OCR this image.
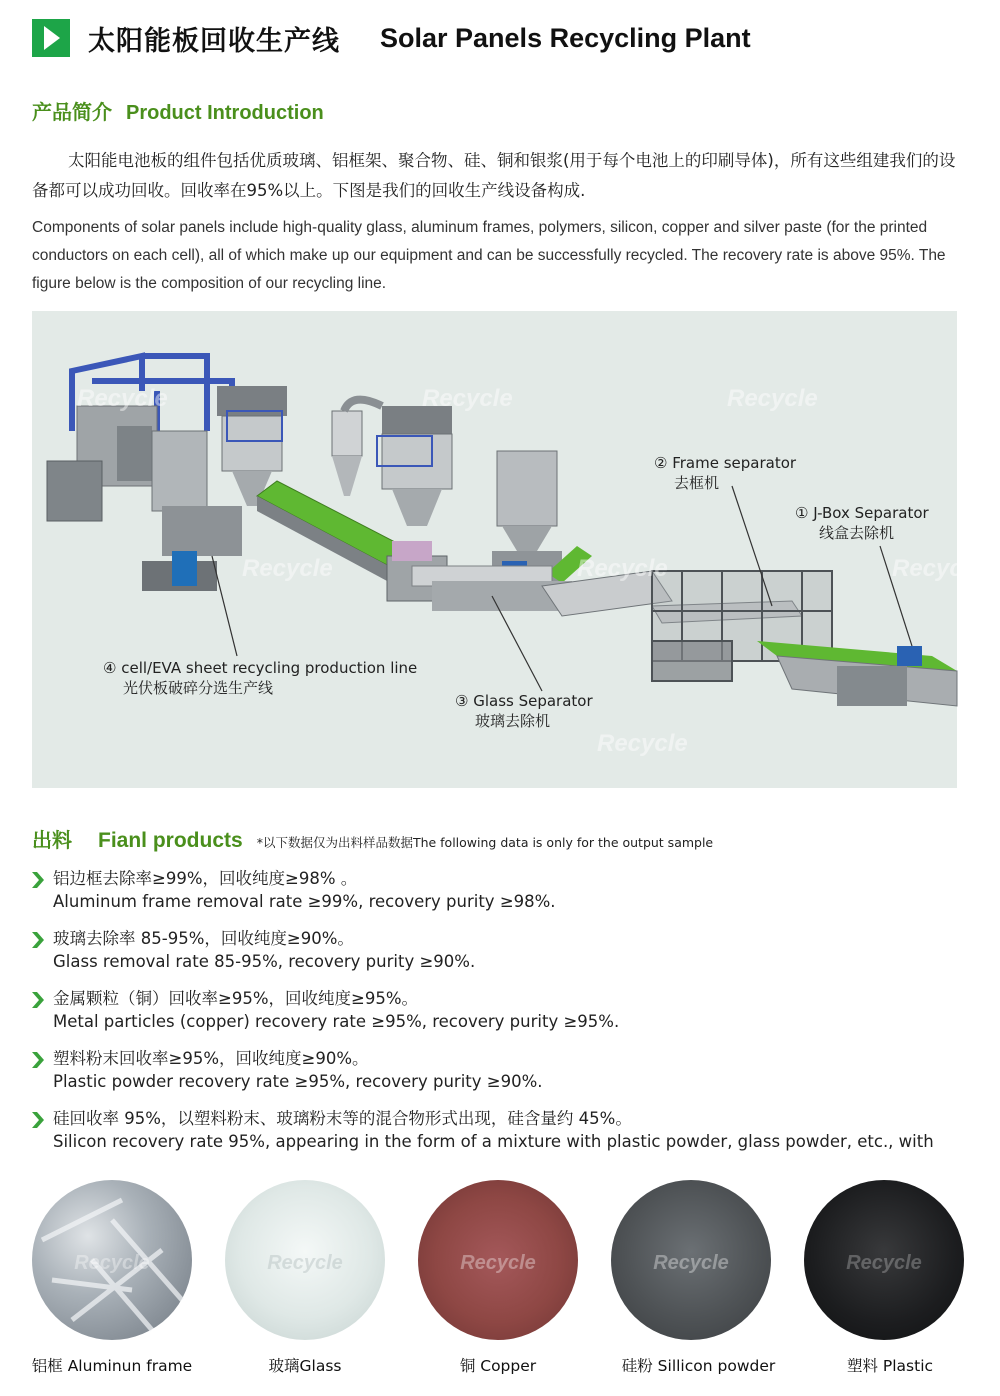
太阳能板回收生产线 Solar Panels Recycling Plant
产品简介 Product Introduction

太阳能电池板的组件包括优质玻璃、铝框架、聚合物、硅、铜和银浆(用于每个电池上的印刷导体)，所有这些组建我们的设备都可以成功回收。回收率在95%以上。下图是我们的回收生产线设备构成.

Components of solar panels include high-quality glass, aluminum frames, polymers, silicon, copper and silver paste (for the printed conductors on each cell), all of which make up our equipment and can be successfully recycled. The recovery rate is above 95%. The figure below is the composition of our recycling line.

Recycle	Recycle	Recycle
Recycle	Recycle	Recycle
Recycle
① J-Box Separator
线盒去除机
② Frame separator
去框机
③ Glass Separator
玻璃去除机
④ cell/EVA sheet recycling production line
光伏板破碎分选生产线
出料 Fianl products *以下数据仅为出料样品数据The following data is only for the output sample
铝边框去除率≥99%，回收纯度≥98% 。
Aluminum frame removal rate ≥99%, recovery purity ≥98%.
玻璃去除率 85-95%，回收纯度≥90%。
Glass removal rate 85-95%, recovery purity ≥90%.
金属颗粒（铜）回收率≥95%，回收纯度≥95%。
Metal particles (copper) recovery rate ≥95%, recovery purity ≥95%.
塑料粉末回收率≥95%，回收纯度≥90%。
Plastic powder recovery rate ≥95%, recovery purity ≥90%.
硅回收率 95%，以塑料粉末、玻璃粉末等的混合物形式出现，硅含量约 45%。
Silicon recovery rate 95%, appearing in the form of a mixture with plastic powder, glass powder, etc., with
Recycle	Recycle	Recycle	Recycle	Recycle
铝框 Aluminun frame	玻璃Glass	铜 Copper	硅粉 Sillicon powder	塑料 Plastic
